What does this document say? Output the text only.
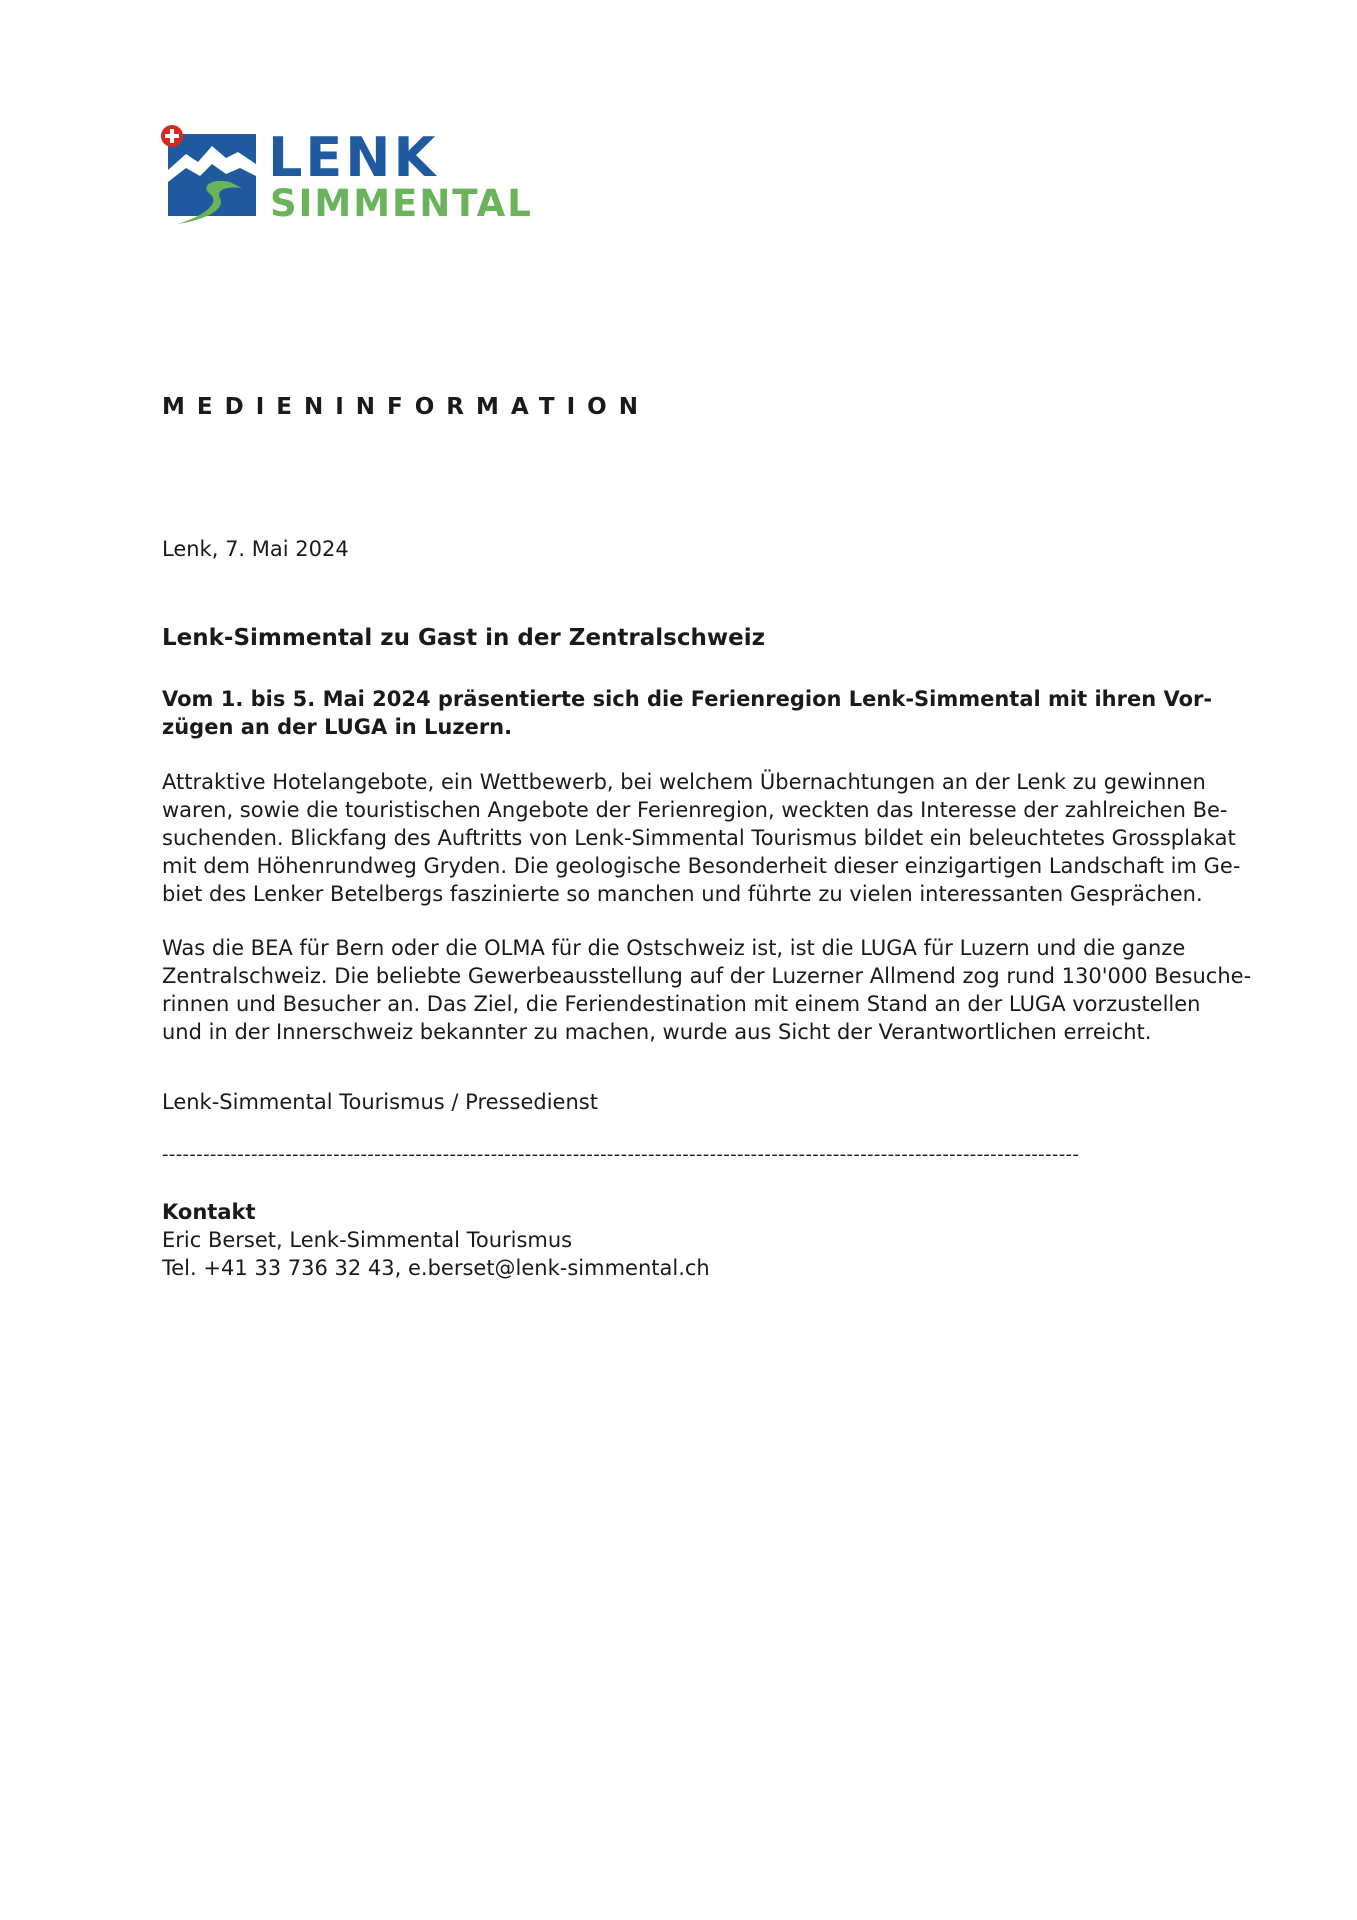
LENK
SIMMENTAL
MEDIENINFORMATION
Lenk, 7. Mai 2024
Lenk-Simmental zu Gast in der Zentralschweiz
Vom 1. bis 5. Mai 2024 präsentierte sich die Ferienregion Lenk-Simmental mit ihren Vor-
zügen an der LUGA in Luzern.
Attraktive Hotelangebote, ein Wettbewerb, bei welchem Übernachtungen an der Lenk zu gewinnen
waren, sowie die touristischen Angebote der Ferienregion, weckten das Interesse der zahlreichen Be-
suchenden. Blickfang des Auftritts von Lenk-Simmental Tourismus bildet ein beleuchtetes Grossplakat
mit dem Höhenrundweg Gryden. Die geologische Besonderheit dieser einzigartigen Landschaft im Ge-
biet des Lenker Betelbergs faszinierte so manchen und führte zu vielen interessanten Gesprächen.
Was die BEA für Bern oder die OLMA für die Ostschweiz ist, ist die LUGA für Luzern und die ganze
Zentralschweiz. Die beliebte Gewerbeausstellung auf der Luzerner Allmend zog rund 130'000 Besuche-
rinnen und Besucher an. Das Ziel, die Feriendestination mit einem Stand an der LUGA vorzustellen
und in der Innerschweiz bekannter zu machen, wurde aus Sicht der Verantwortlichen erreicht.
Lenk-Simmental Tourismus / Pressedienst
--------------------------------------------------------------------------------------------------------------------------------------
Kontakt
Eric Berset, Lenk-Simmental Tourismus
Tel. +41 33 736 32 43, e.berset@lenk-simmental.ch
